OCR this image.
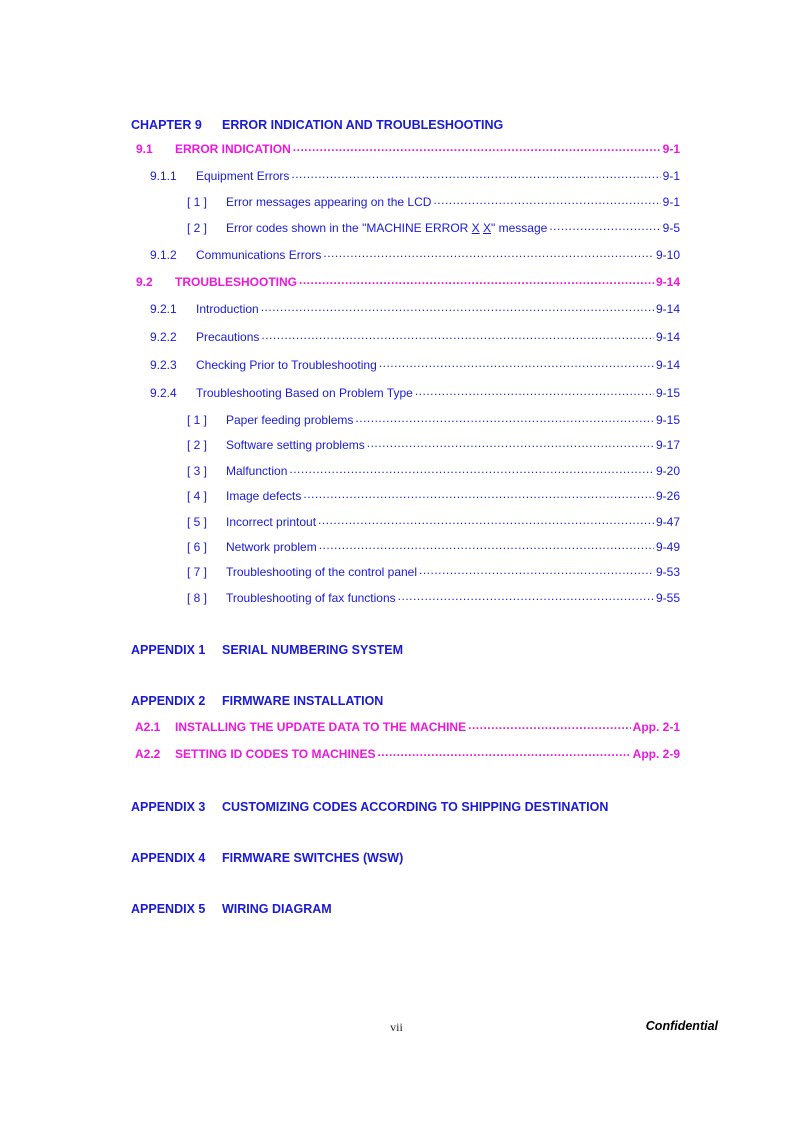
CHAPTER 9	ERROR INDICATION AND TROUBLESHOOTING
9.1	ERROR INDICATION .....	9-1
9.1.1	Equipment Errors .....	9-1
[ 1 ]	Error messages appearing on the LCD .....	9-1
[ 2 ]	Error codes shown in the "MACHINE ERROR X X" message .....	9-5
9.1.2	Communications Errors .....	9-10
9.2	TROUBLESHOOTING .....	9-14
9.2.1	Introduction .....	9-14
9.2.2	Precautions .....	9-14
9.2.3	Checking Prior to Troubleshooting .....	9-14
9.2.4	Troubleshooting Based on Problem Type .....	9-15
[ 1 ]	Paper feeding problems .....	9-15
[ 2 ]	Software setting problems .....	9-17
[ 3 ]	Malfunction .....	9-20
[ 4 ]	Image defects .....	9-26
[ 5 ]	Incorrect printout .....	9-47
[ 6 ]	Network problem .....	9-49
[ 7 ]	Troubleshooting of the control panel .....	9-53
[ 8 ]	Troubleshooting of fax functions .....	9-55
APPENDIX 1	SERIAL NUMBERING SYSTEM
APPENDIX 2	FIRMWARE INSTALLATION
A2.1	INSTALLING THE UPDATE DATA TO THE MACHINE .....	App. 2-1
A2.2	SETTING ID CODES TO MACHINES .....	App. 2-9
APPENDIX 3	CUSTOMIZING CODES ACCORDING TO SHIPPING DESTINATION
APPENDIX 4	FIRMWARE SWITCHES (WSW)
APPENDIX 5	WIRING DIAGRAM
vii	Confidential
